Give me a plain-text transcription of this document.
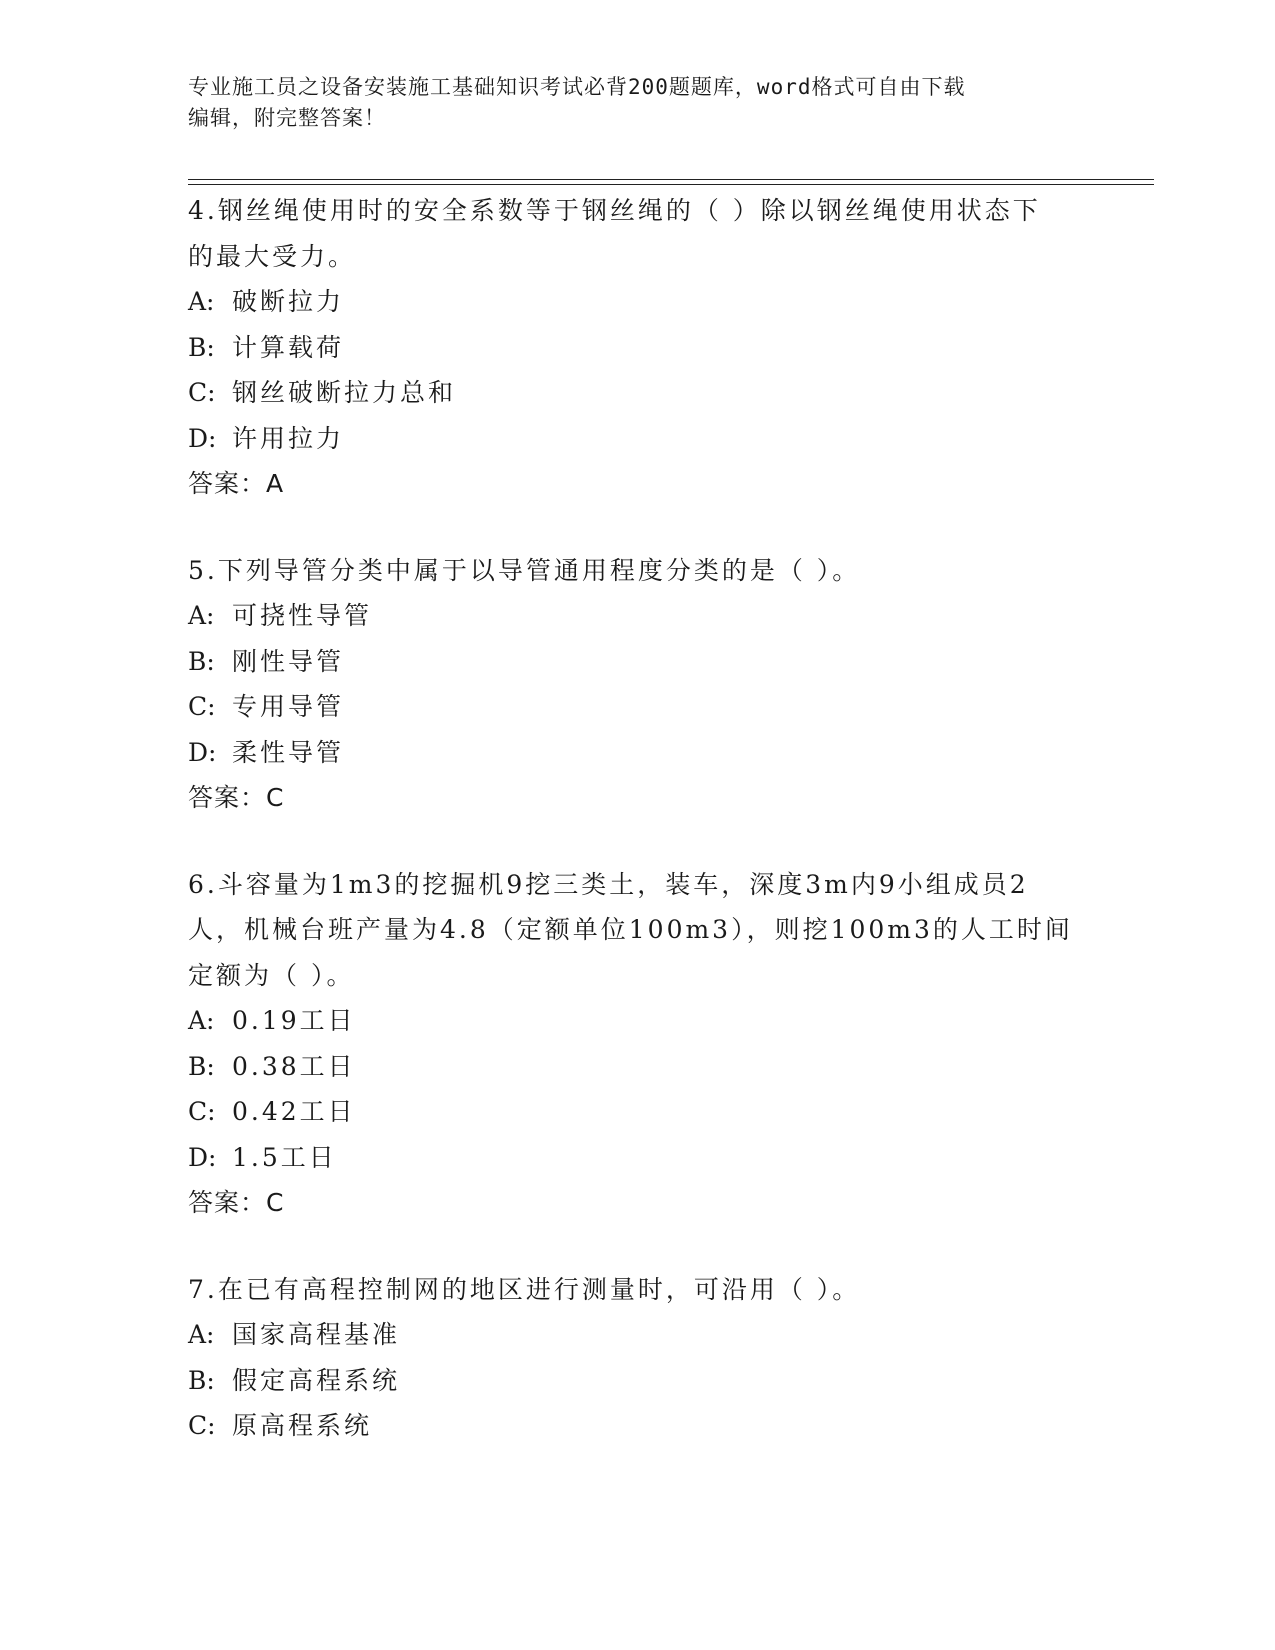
专业施工员之设备安装施工基础知识考试必背200题题库，word格式可自由下载
编辑，附完整答案！
4.钢丝绳使用时的安全系数等于钢丝绳的（ ）除以钢丝绳使用状态下
的最大受力。
A: 破断拉力
B: 计算载荷
C: 钢丝破断拉力总和
D: 许用拉力
答案：A
5.下列导管分类中属于以导管通用程度分类的是（ ）。
A: 可挠性导管
B: 刚性导管
C: 专用导管
D: 柔性导管
答案：C
6.斗容量为1m3的挖掘机9挖三类土，装车，深度3m内9小组成员2
人，机械台班产量为4.8（定额单位100m3），则挖100m3的人工时间
定额为（ ）。
A: 0.19工日
B: 0.38工日
C: 0.42工日
D: 1.5工日
答案：C
7.在已有高程控制网的地区进行测量时，可沿用（ ）。
A: 国家高程基准
B: 假定高程系统
C: 原高程系统
